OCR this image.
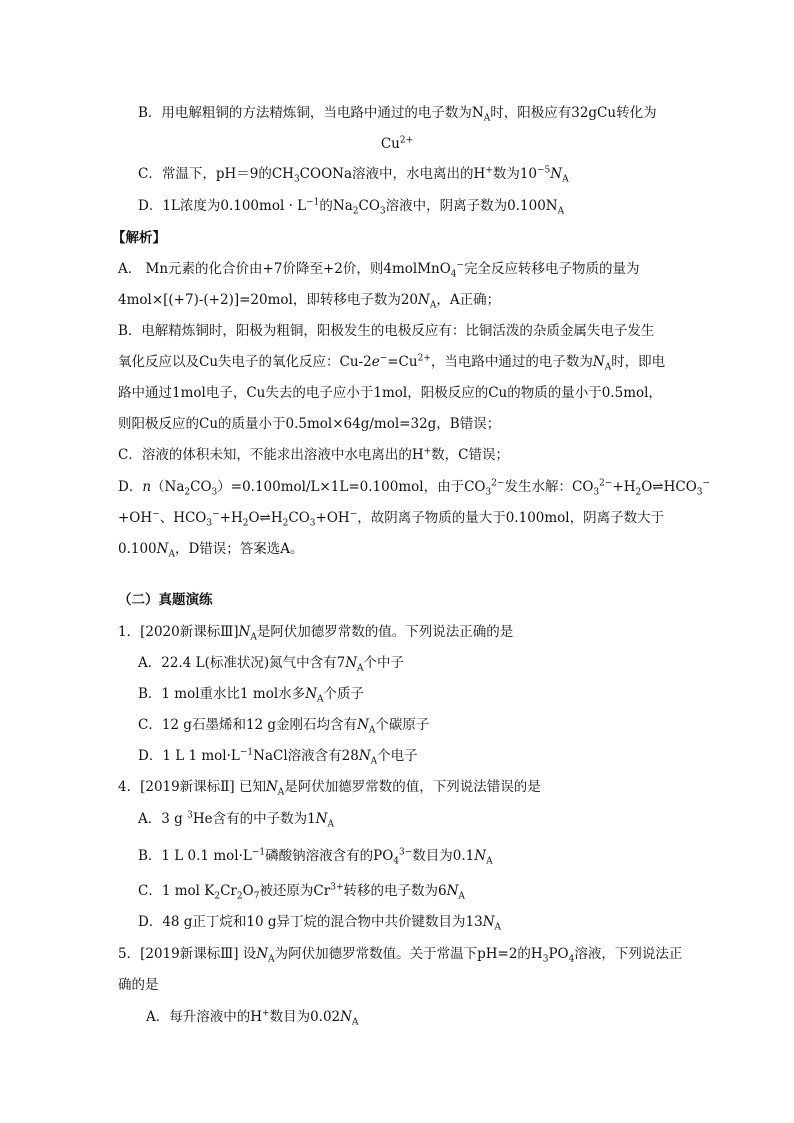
B．用电解粗铜的方法精炼铜，当电路中通过的电子数为$N_A$时，阳极应有32gCu转化为
$Cu^{2+}$
C．常温下，pH＝9的$CH_3COONa$溶液中，水电离出的H+数为$10^{-5}N_A$
D．1L浓度为$0.100mol \cdot L^{-1}$的$Na_2CO_3$溶液中，阴离子数为$0.100N_A$
【解析】
A． Mn元素的化合价由+7价降至+2价，则4molMnO$_4$−完全反应转移电子物质的量为
4mol×[(+7)-(+2)]=20mol，即转移电子数为$20N_A$，A正确；
B．电解精炼铜时，阳极为粗铜，阳极发生的电极反应有：比铜活泼的杂质金属失电子发生
氧化反应以及Cu失电子的氧化反应：$Cu-2e^-=Cu^{2+}$，当电路中通过的电子数为$N_A$时，即电
路中通过1mol电子，Cu失去的电子应小于1mol，阳极反应的Cu的物质的量小于0.5mol，
则阳极反应的Cu的质量小于0.5mol×64g/mol=32g，B错误；
C．溶液的体积未知，不能求出溶液中水电离出的H+数，C错误；
D．$n(Na_2CO_3)=0.100mol/L\times 1L=0.100mol$，由于$CO_3^{2-}$发生水解：$CO_3^{2-}+H_2O\rightleftharpoons HCO_3^-$
+OH−、$HCO_3^-+H_2O\rightleftharpoons H_2CO_3+OH^-$，故阴离子物质的量大于0.100mol，阴离子数大于
$0.100N_A$，D错误；答案选A。
（二）真题演练
1．[2020新课标$Ⅲ]N_A$是阿伏加德罗常数的值。下列说法正确的是
A．22.4 L(标准状况)氮气中含有$7N_A$个中子
B．1 mol重水比1 mol水多$N_A$个质子
C．12 g石墨烯和12 g金刚石均含有$N_A$个碳原子
D．1 L 1 $mol\cdot L^{-1}NaCl$溶液含有$28N_A$个电子
4．[2019新课标Ⅱ] 已知$N_A$是阿伏加德罗常数的值，下列说法错误的是
A．3 g $^3$He含有的中子数为$1N_A$
B．1 L 0.1 $mol\cdot L^{-1}$磷酸钠溶液含有的$PO_4^{3-}$数目为$0.1N_A$
C．1 mol $K_2Cr_2O_7$被还原为$Cr^{3+}$转移的电子数为$6N_A$
D．48 g正丁烷和10 g异丁烷的混合物中共价键数目为$13N_A$
5．[2019新课标Ⅲ] 设$N_A$为阿伏加德罗常数值。关于常温下pH=2的$H_3PO_4$溶液，下列说法正
确的是
A．每升溶液中的H+数目为$0.02N_A$
